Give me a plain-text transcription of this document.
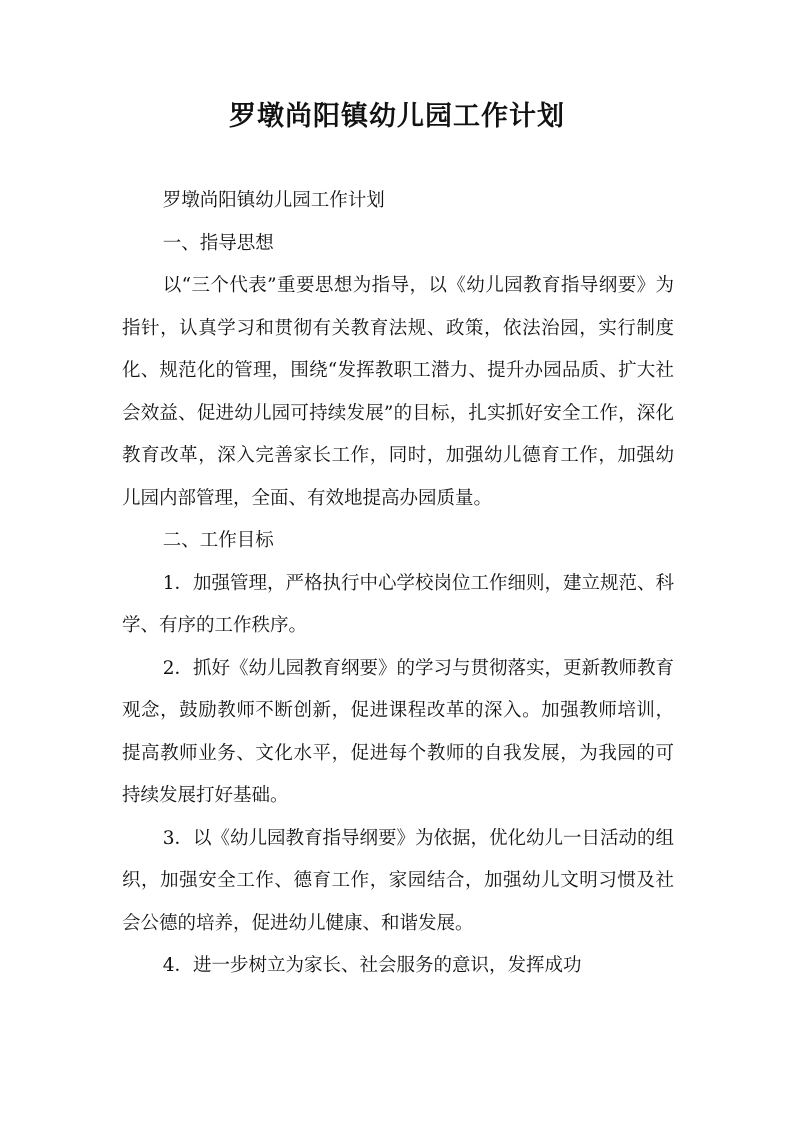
罗墩尚阳镇幼儿园工作计划

罗墩尚阳镇幼儿园工作计划

一、指导思想

以“三个代表”重要思想为指导，以《幼儿园教育指导纲要》为指针，认真学习和贯彻有关教育法规、政策，依法治园，实行制度化、规范化的管理，围绕“发挥教职工潜力、提升办园品质、扩大社会效益、促进幼儿园可持续发展”的目标，扎实抓好安全工作，深化教育改革，深入完善家长工作，同时，加强幼儿德育工作，加强幼儿园内部管理，全面、有效地提高办园质量。

二、工作目标

1．加强管理，严格执行中心学校岗位工作细则，建立规范、科学、有序的工作秩序。

2．抓好《幼儿园教育纲要》的学习与贯彻落实，更新教师教育观念，鼓励教师不断创新，促进课程改革的深入。加强教师培训，提高教师业务、文化水平，促进每个教师的自我发展，为我园的可持续发展打好基础。

3．以《幼儿园教育指导纲要》为依据，优化幼儿一日活动的组织，加强安全工作、德育工作，家园结合，加强幼儿文明习惯及社会公德的培养，促进幼儿健康、和谐发展。

4．进一步树立为家长、社会服务的意识，发挥成功
